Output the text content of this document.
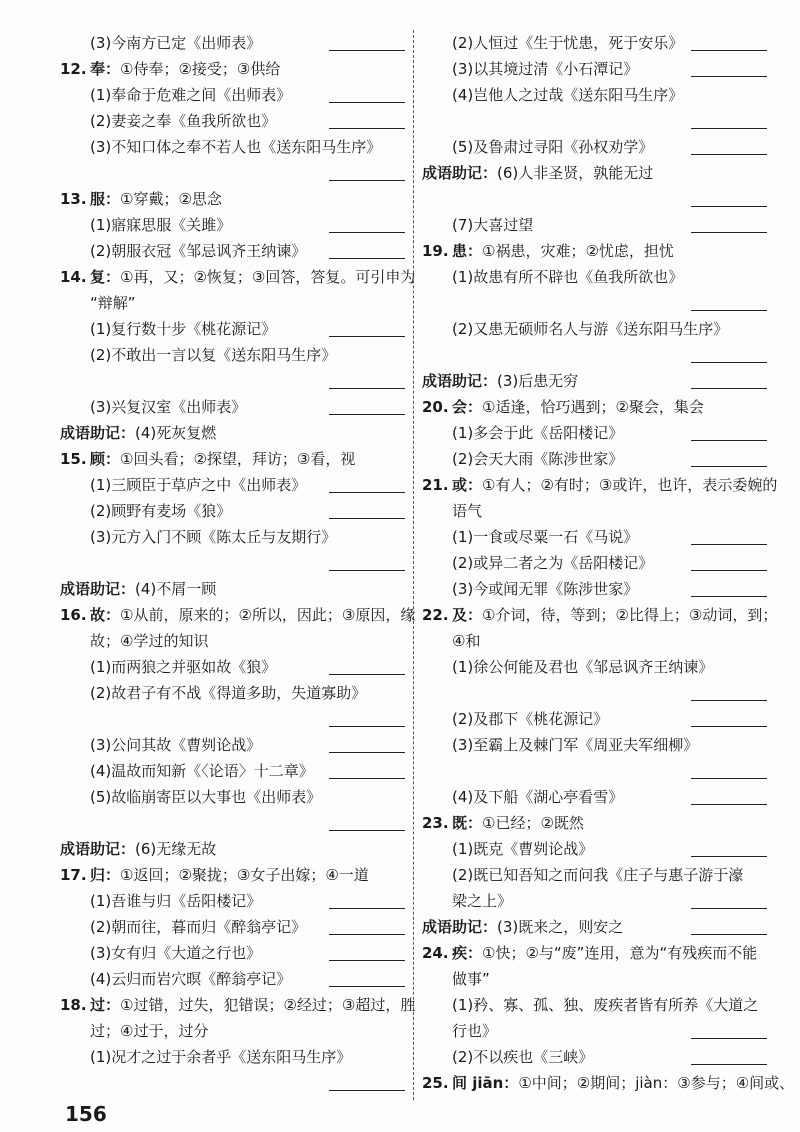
(3)今南方已定《出师表》
12. 奉：①侍奉；②接受；③供给
(1)奉命于危难之间《出师表》
(2)妻妾之奉《鱼我所欲也》
(3)不知口体之奉不若人也《送东阳马生序》
13. 服：①穿戴；②思念
(1)寤寐思服《关雎》
(2)朝服衣冠《邹忌讽齐王纳谏》
14. 复：①再，又；②恢复；③回答，答复。可引申为
“辩解”
(1)复行数十步《桃花源记》
(2)不敢出一言以复《送东阳马生序》
(3)兴复汉室《出师表》
成语助记：(4)死灰复燃
15. 顾：①回头看；②探望，拜访；③看，视
(1)三顾臣于草庐之中《出师表》
(2)顾野有麦场《狼》
(3)元方入门不顾《陈太丘与友期行》
成语助记：(4)不屑一顾
16. 故：①从前，原来的；②所以，因此；③原因，缘
故；④学过的知识
(1)而两狼之并驱如故《狼》
(2)故君子有不战《得道多助，失道寡助》
(3)公问其故《曹刿论战》
(4)温故而知新《〈论语〉十二章》
(5)故临崩寄臣以大事也《出师表》
成语助记：(6)无缘无故
17. 归：①返回；②聚拢；③女子出嫁；④一道
(1)吾谁与归《岳阳楼记》
(2)朝而往，暮而归《醉翁亭记》
(3)女有归《大道之行也》
(4)云归而岩穴暝《醉翁亭记》
18. 过：①过错，过失，犯错误；②经过；③超过，胜
过；④过于，过分
(1)况才之过于余者乎《送东阳马生序》
(2)人恒过《生于忧患，死于安乐》
(3)以其境过清《小石潭记》
(4)岂他人之过哉《送东阳马生序》
(5)及鲁肃过寻阳《孙权劝学》
成语助记：(6)人非圣贤，孰能无过
(7)大喜过望
19. 患：①祸患，灾难；②忧虑，担忧
(1)故患有所不辟也《鱼我所欲也》
(2)又患无硕师名人与游《送东阳马生序》
成语助记：(3)后患无穷
20. 会：①适逢，恰巧遇到；②聚会，集会
(1)多会于此《岳阳楼记》
(2)会天大雨《陈涉世家》
21. 或：①有人；②有时；③或许，也许，表示委婉的
语气
(1)一食或尽粟一石《马说》
(2)或异二者之为《岳阳楼记》
(3)今或闻无罪《陈涉世家》
22. 及：①介词，待，等到；②比得上；③动词，到；
④和
(1)徐公何能及君也《邹忌讽齐王纳谏》
(2)及郡下《桃花源记》
(3)至霸上及棘门军《周亚夫军细柳》
(4)及下船《湖心亭看雪》
23. 既：①已经；②既然
(1)既克《曹刿论战》
(2)既已知吾知之而问我《庄子与惠子游于濠
梁之上》
成语助记：(3)既来之，则安之
24. 疾：①快；②与“废”连用，意为“有残疾而不能
做事”
(1)矜、寡、孤、独、废疾者皆有所养《大道之
行也》
(2)不以疾也《三峡》
25. 间 jiān：①中间；②期间；jiàn：③参与；④间或、
156
